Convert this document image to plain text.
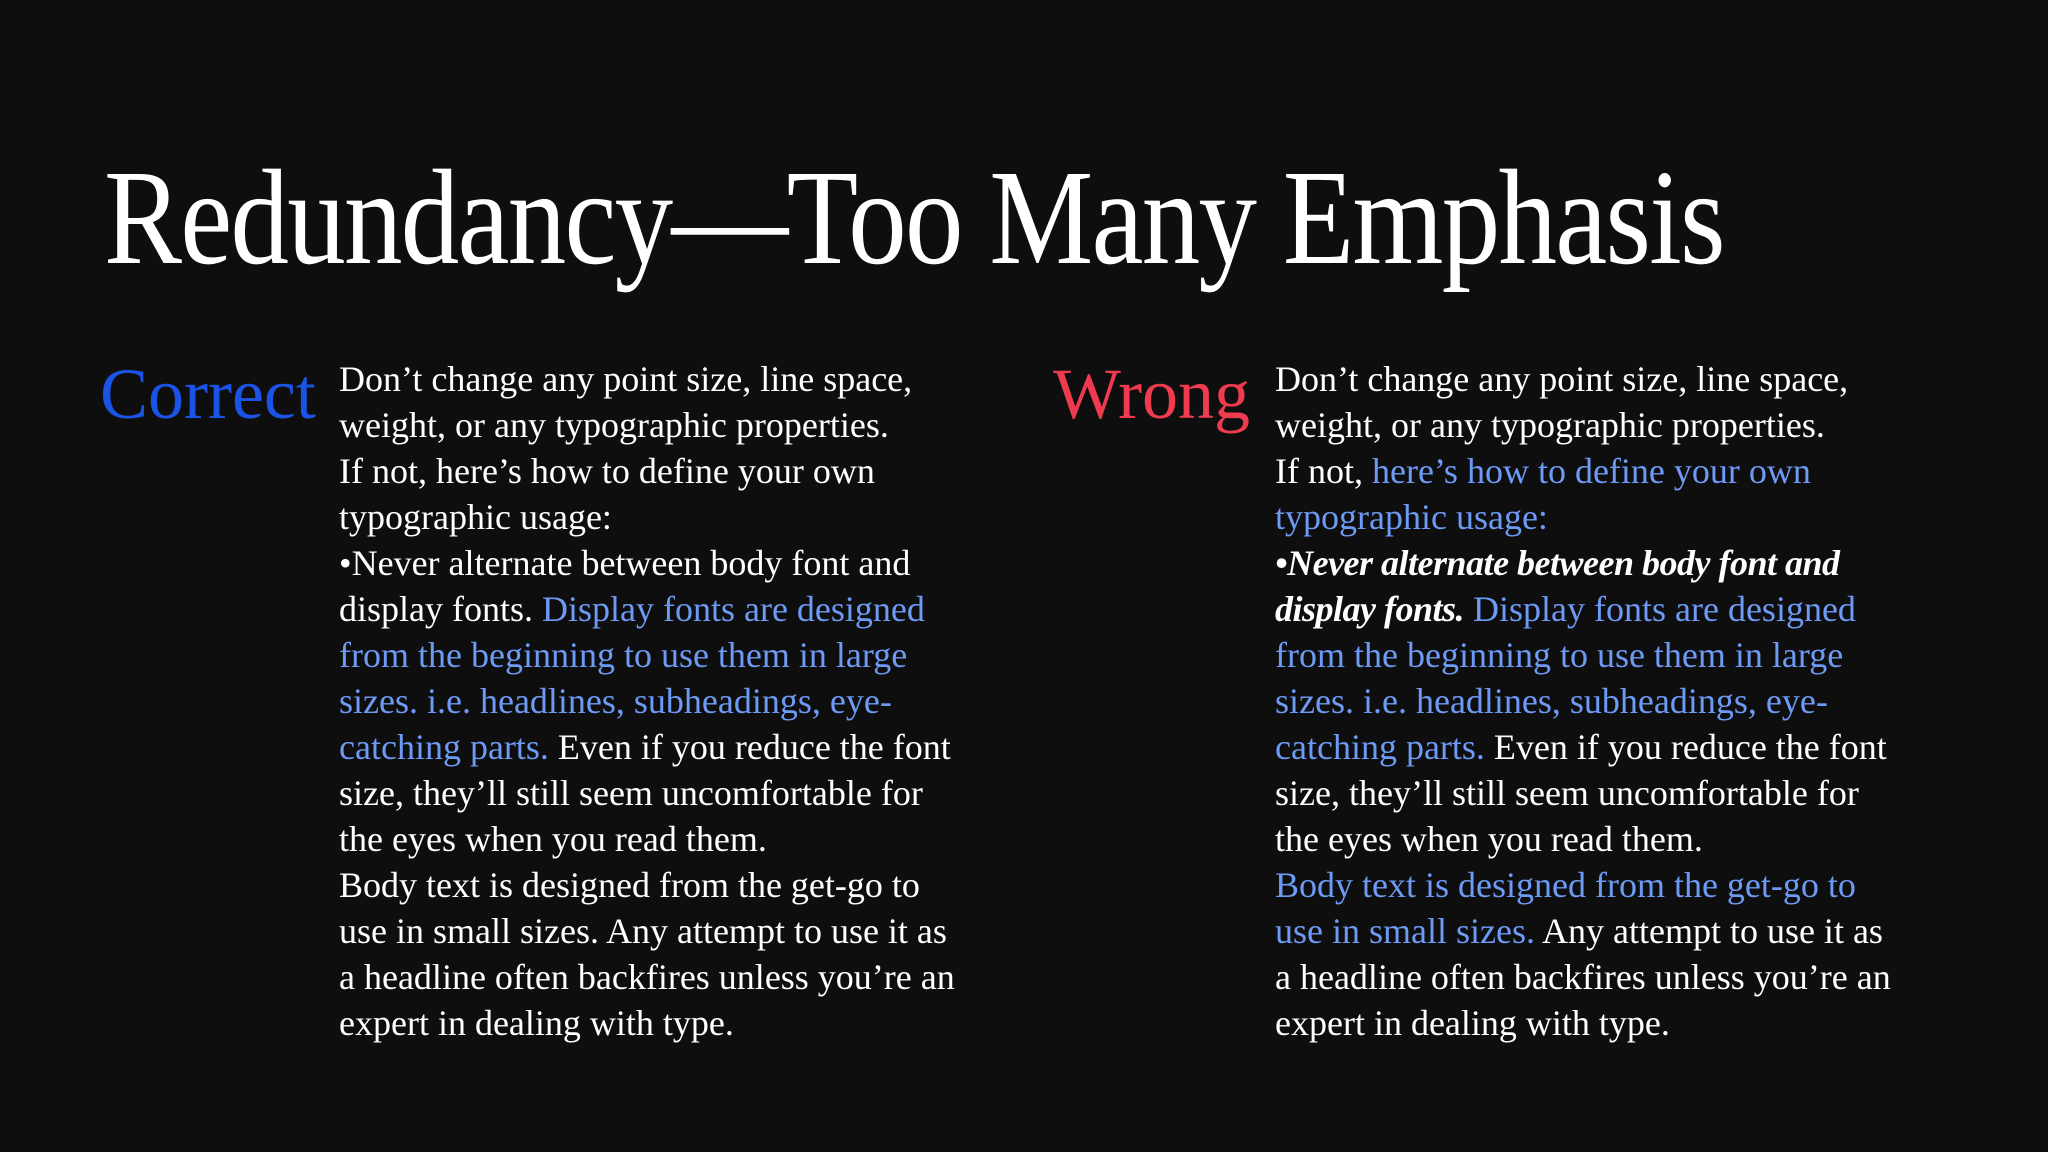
Redundancy—Too Many Emphasis
Correct Don’t change any point size, line space,

weight, or any typographic properties.

If not, here’s how to define your own

typographic usage:

•Never alternate between body font and

display fonts. Display fonts are designed

from the beginning to use them in large

sizes. i.e. headlines, subheadings, eye-

catching parts. Even if you reduce the font

size, they’ll still seem uncomfortable for

the eyes when you read them.

Body text is designed from the get-go to

use in small sizes. Any attempt to use it as

a headline often backfires unless you’re an

expert in dealing with type.

Wrong Don’t change any point size, line space,

weight, or any typographic properties.

If not, here’s how to define your own

typographic usage:

•Never alternate between body font and

display fonts. Display fonts are designed

from the beginning to use them in large

sizes. i.e. headlines, subheadings, eye-

catching parts. Even if you reduce the font

size, they’ll still seem uncomfortable for

the eyes when you read them.

Body text is designed from the get-go to

use in small sizes. Any attempt to use it as

a headline often backfires unless you’re an

expert in dealing with type.
